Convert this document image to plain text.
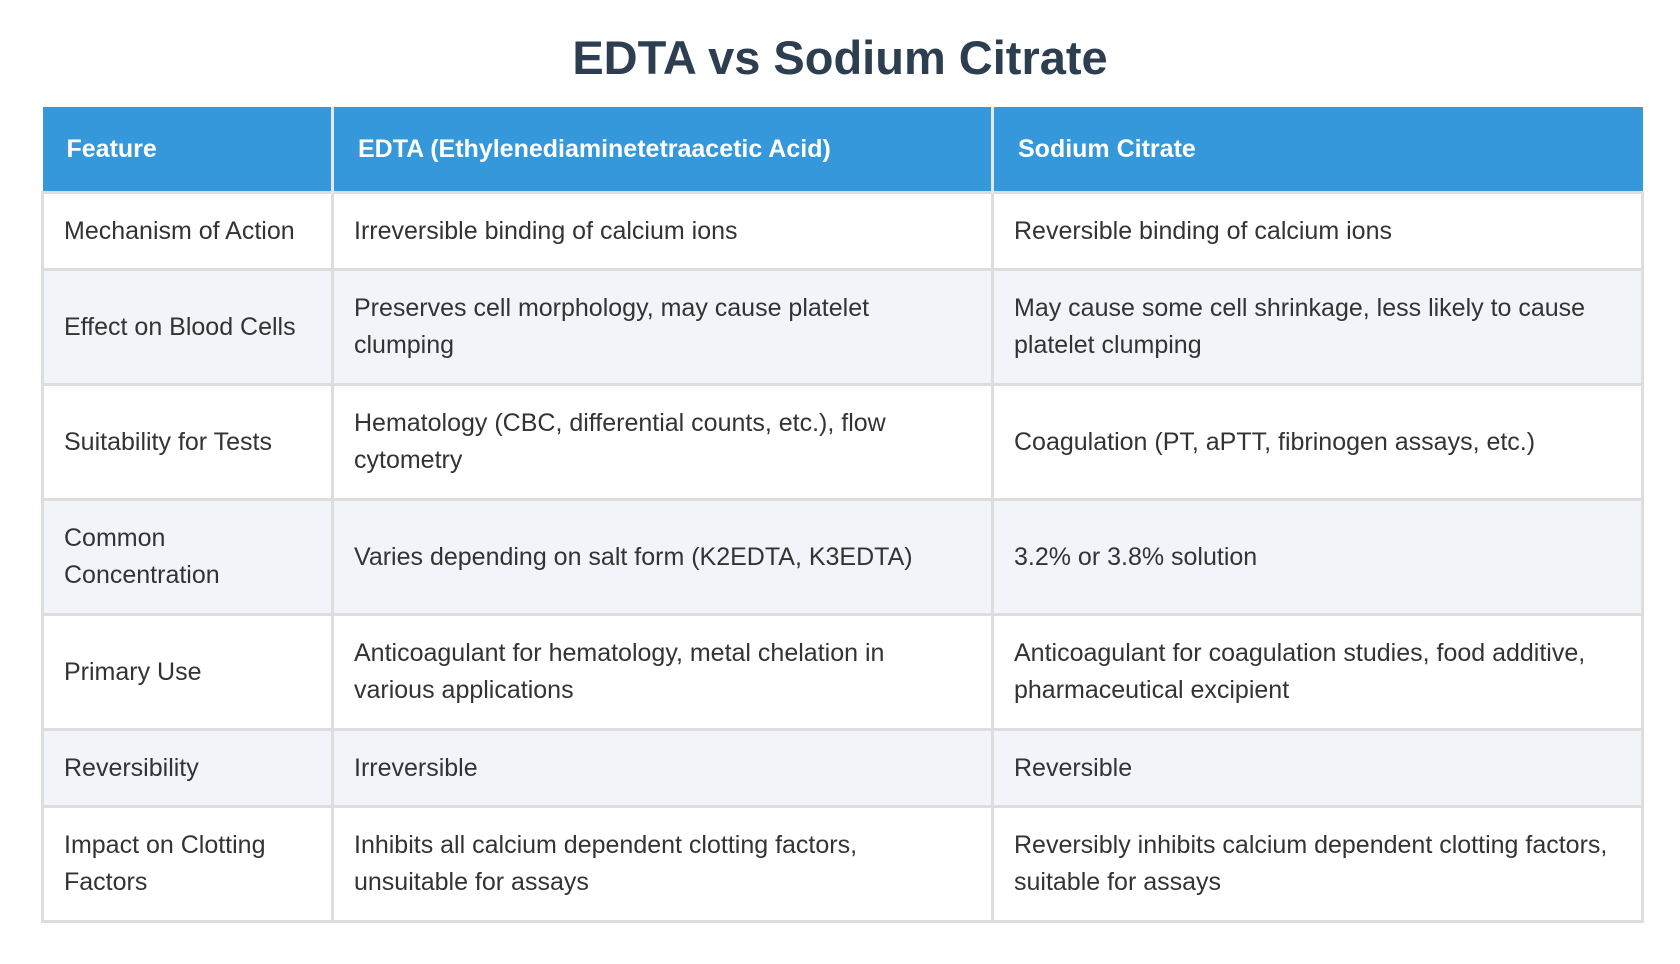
EDTA vs Sodium Citrate
Feature	EDTA (Ethylenediaminetetraacetic Acid)	Sodium Citrate
Mechanism of Action	Irreversible binding of calcium ions	Reversible binding of calcium ions
Effect on Blood Cells	Preserves cell morphology, may cause platelet clumping	May cause some cell shrinkage, less likely to cause platelet clumping
Suitability for Tests	Hematology (CBC, differential counts, etc.), flow cytometry	Coagulation (PT, aPTT, fibrinogen assays, etc.)
Common Concentration	Varies depending on salt form (K2EDTA, K3EDTA)	3.2% or 3.8% solution
Primary Use	Anticoagulant for hematology, metal chelation in various applications	Anticoagulant for coagulation studies, food additive, pharmaceutical excipient
Reversibility	Irreversible	Reversible
Impact on Clotting Factors	Inhibits all calcium dependent clotting factors, unsuitable for assays	Reversibly inhibits calcium dependent clotting factors, suitable for assays
